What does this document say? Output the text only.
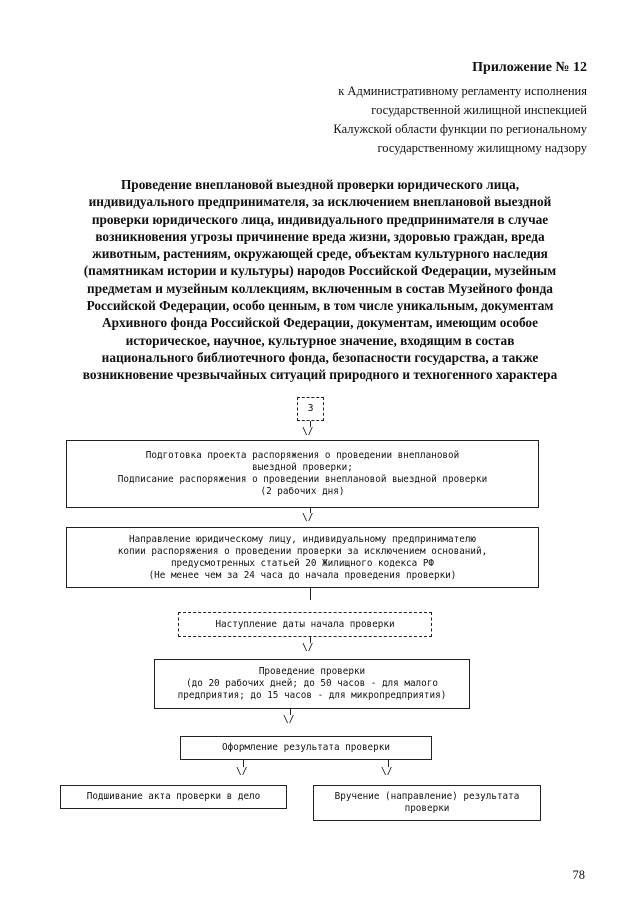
Приложение № 12
к Административному регламенту исполнения
государственной жилищной инспекцией
Калужской области функции по региональному
государственному жилищному надзору
Проведение внеплановой выездной проверки юридического лица,
индивидуального предпринимателя, за исключением внеплановой выездной
проверки юридического лица, индивидуального предпринимателя в случае
возникновения угрозы причинение вреда жизни, здоровью граждан, вреда
животным, растениям, окружающей среде, объектам культурного наследия
(памятникам истории и культуры) народов Российской Федерации, музейным
предметам и музейным коллекциям, включенным в состав Музейного фонда
Российской Федерации, особо ценным, в том числе уникальным, документам
Архивного фонда Российской Федерации, документам, имеющим особое
историческое, научное, культурное значение, входящим в состав
национального библиотечного фонда, безопасности государства, а также
возникновение чрезвычайных ситуаций природного и техногенного характера
3
\/
Подготовка проекта распоряжения о проведении внеплановой
выездной проверки;
Подписание распоряжения о проведении внеплановой выездной проверки
(2 рабочих дня)
\/
Направление юридическому лицу, индивидуальному предпринимателю
копии распоряжения о проведении проверки за исключением оснований,
предусмотренных статьей 20 Жилищного кодекса РФ
(Не менее чем за 24 часа до начала проведения проверки)
Наступление даты начала проверки
\/
Проведение проверки
(до 20 рабочих дней; до 50 часов - для малого
предприятия; до 15 часов - для микропредприятия)
\/
Оформление результата проверки
\/	\/
Подшивание акта проверки в дело	Вручение (направление) результата
проверки
78
